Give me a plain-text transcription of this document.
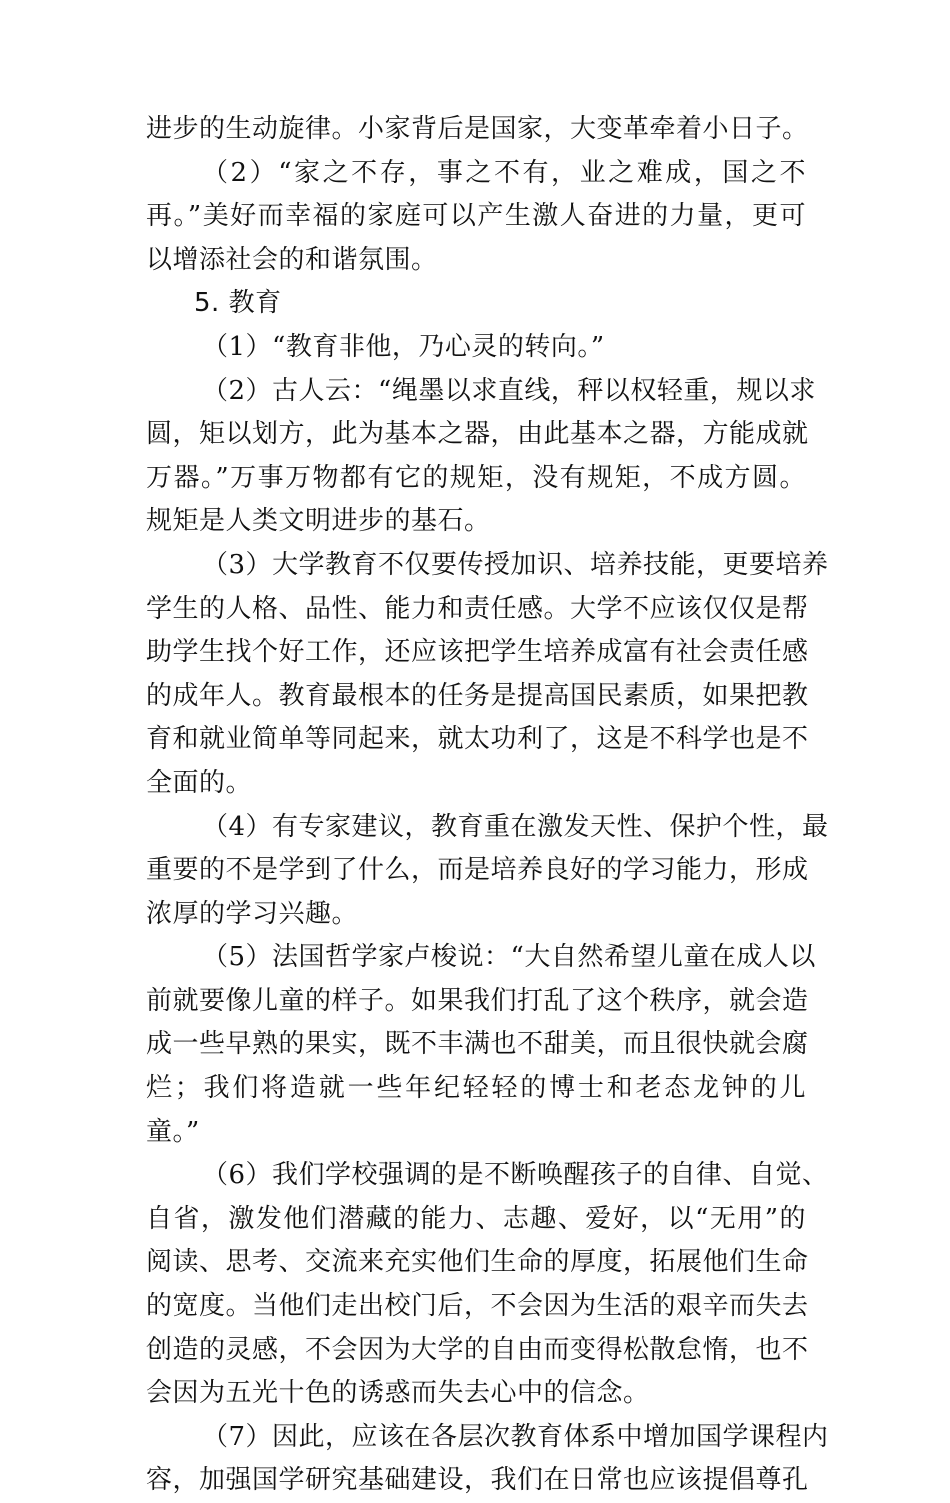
进步的生动旋律。小家背后是国家，大变革牵着小日子。
（2）“家之不存，事之不有，业之难成，国之不
再。”美好而幸福的家庭可以产生激人奋进的力量，更可
以增添社会的和谐氛围。
5. 教育
（1）“教育非他，乃心灵的转向。”
（2）古人云：“绳墨以求直线，秤以权轻重，规以求
圆，矩以划方，此为基本之器，由此基本之器，方能成就
万器。”万事万物都有它的规矩，没有规矩，不成方圆。
规矩是人类文明进步的基石。
（3）大学教育不仅要传授加识、培养技能，更要培养
学生的人格、品性、能力和责任感。大学不应该仅仅是帮
助学生找个好工作，还应该把学生培养成富有社会责任感
的成年人。教育最根本的任务是提高国民素质，如果把教
育和就业简单等同起来，就太功利了，这是不科学也是不
全面的。
（4）有专家建议，教育重在激发天性、保护个性，最
重要的不是学到了什么，而是培养良好的学习能力，形成
浓厚的学习兴趣。
（5）法国哲学家卢梭说：“大自然希望儿童在成人以
前就要像儿童的样子。如果我们打乱了这个秩序，就会造
成一些早熟的果实，既不丰满也不甜美，而且很快就会腐
烂；我们将造就一些年纪轻轻的博士和老态龙钟的儿
童。”
（6）我们学校强调的是不断唤醒孩子的自律、自觉、
自省，激发他们潜藏的能力、志趣、爱好，以“无用”的
阅读、思考、交流来充实他们生命的厚度，拓展他们生命
的宽度。当他们走出校门后，不会因为生活的艰辛而失去
创造的灵感，不会因为大学的自由而变得松散怠惰，也不
会因为五光十色的诱惑而失去心中的信念。
（7）因此，应该在各层次教育体系中增加国学课程内
容，加强国学研究基础建设，我们在日常也应该提倡尊孔
